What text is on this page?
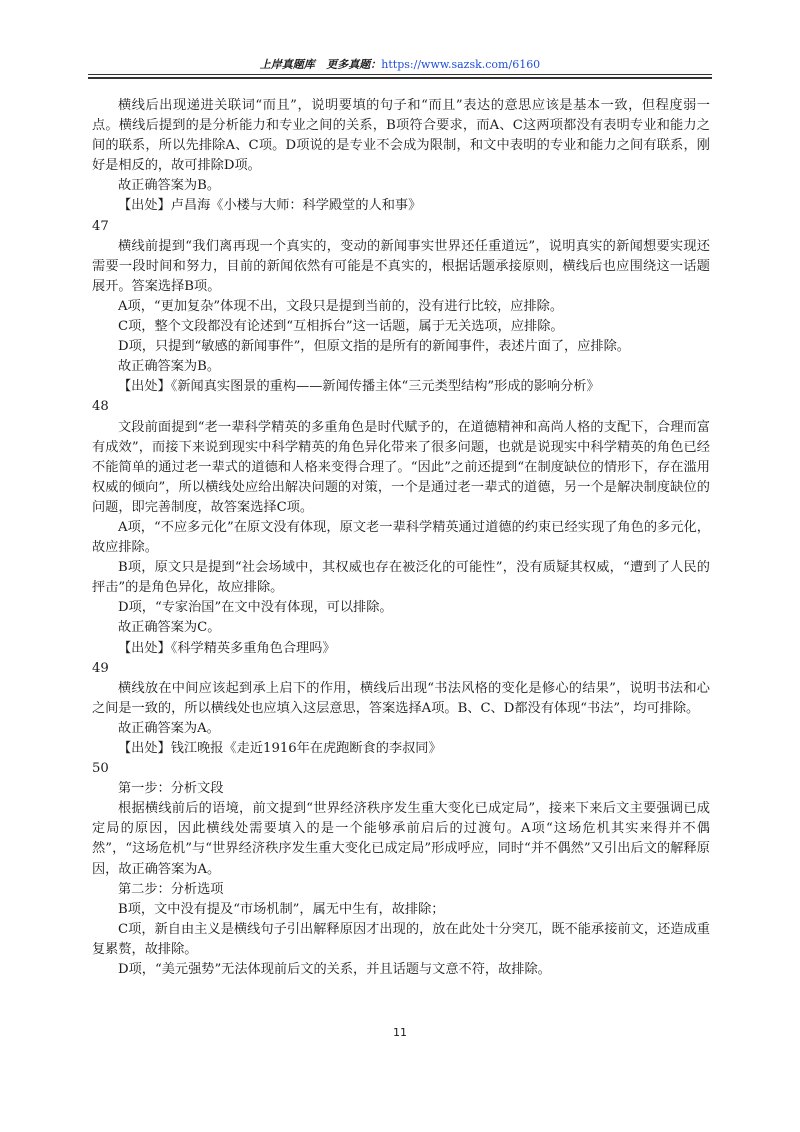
上岸真题库 更多真题：https://www.sazsk.com/6160

横线后出现递进关联词“而且”，说明要填的句子和“而且”表达的意思应该是基本一致，但程度弱一点。横线后提到的是分析能力和专业之间的关系，B项符合要求，而A、C这两项都没有表明专业和能力之间的联系，所以先排除A、C项。D项说的是专业不会成为限制，和文中表明的专业和能力之间有联系，刚好是相反的，故可排除D项。

故正确答案为B。

【出处】卢昌海《小楼与大师：科学殿堂的人和事》

47

横线前提到“我们离再现一个真实的，变动的新闻事实世界还任重道远”，说明真实的新闻想要实现还需要一段时间和努力，目前的新闻依然有可能是不真实的，根据话题承接原则，横线后也应围绕这一话题展开。答案选择B项。

A项，“更加复杂”体现不出，文段只是提到当前的，没有进行比较，应排除。

C项，整个文段都没有论述到“互相拆台”这一话题，属于无关选项，应排除。

D项，只提到“敏感的新闻事件”，但原文指的是所有的新闻事件，表述片面了，应排除。

故正确答案为B。

【出处】《新闻真实图景的重构——新闻传播主体“三元类型结构”形成的影响分析》

48

文段前面提到“老一辈科学精英的多重角色是时代赋予的，在道德精神和高尚人格的支配下，合理而富有成效”，而接下来说到现实中科学精英的角色异化带来了很多问题，也就是说现实中科学精英的角色已经不能简单的通过老一辈式的道德和人格来变得合理了。“因此”之前还提到“在制度缺位的情形下，存在滥用权威的倾向”，所以横线处应给出解决问题的对策，一个是通过老一辈式的道德，另一个是解决制度缺位的问题，即完善制度，故答案选择C项。

A项，“不应多元化”在原文没有体现，原文老一辈科学精英通过道德的约束已经实现了角色的多元化，故应排除。

B项，原文只是提到“社会场域中，其权威也存在被泛化的可能性”，没有质疑其权威，“遭到了人民的抨击”的是角色异化，故应排除。

D项，“专家治国”在文中没有体现，可以排除。

故正确答案为C。

【出处】《科学精英多重角色合理吗》

49

横线放在中间应该起到承上启下的作用，横线后出现“书法风格的变化是修心的结果”，说明书法和心之间是一致的，所以横线处也应填入这层意思，答案选择A项。B、C、D都没有体现“书法”，均可排除。

故正确答案为A。

【出处】钱江晚报《走近1916年在虎跑断食的李叔同》

50

第一步：分析文段

根据横线前后的语境，前文提到“世界经济秩序发生重大变化已成定局”，接来下来后文主要强调已成定局的原因，因此横线处需要填入的是一个能够承前启后的过渡句。A项“这场危机其实来得并不偶然”，“这场危机”与“世界经济秩序发生重大变化已成定局”形成呼应，同时“并不偶然”又引出后文的解释原因，故正确答案为A。

第二步：分析选项

B项，文中没有提及“市场机制”，属无中生有，故排除；

C项，新自由主义是横线句子引出解释原因才出现的，放在此处十分突兀，既不能承接前文，还造成重复累赘，故排除。

D项，“美元强势”无法体现前后文的关系，并且话题与文意不符，故排除。

11
